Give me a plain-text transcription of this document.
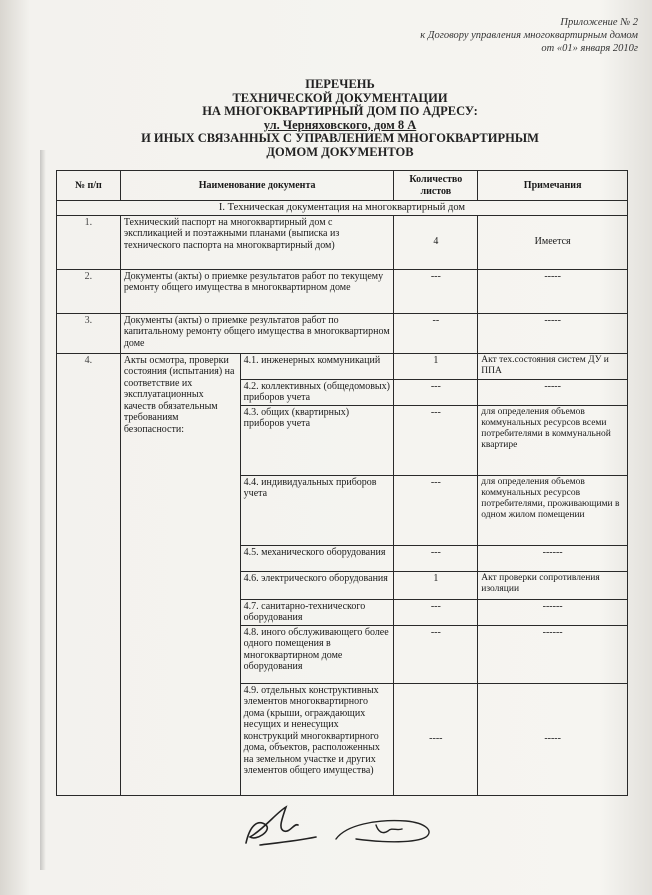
Приложение № 2
к Договору управления многоквартирным домом
от «01» января 2010г
ПЕРЕЧЕНЬ
ТЕХНИЧЕСКОЙ ДОКУМЕНТАЦИИ
НА МНОГОКВАРТИРНЫЙ ДОМ ПО АДРЕСУ:
ул. Черняховского, дом 8 А
И ИНЫХ СВЯЗАННЫХ С УПРАВЛЕНИЕМ МНОГОКВАРТИРНЫМ
ДОМОМ ДОКУМЕНТОВ
№ п/п	Наименование документа		Количество листов	Примечания
I. Техническая документация на многоквартирный дом				
1.	Технический паспорт на многоквартирный дом с экспликацией и поэтажными планами (выписка из технического паспорта на многоквартирный дом)		4	Имеется
2.	Документы (акты) о приемке результатов работ по текущему ремонту общего имущества в многоквартирном доме		---	-----
3.	Документы (акты) о приемке результатов работ по капитальному ремонту общего имущества в многоквартирном доме		--	-----
4.	Акты осмотра, проверки состояния (испытания) на соответствие их эксплуатационных качеств обязательным требованиям безопасности:	4.1. инженерных коммуникаций	1	Акт тех.состояния систем ДУ и ППА
		4.2. коллективных (общедомовых) приборов учета	---	-----
		4.3. общих (квартирных) приборов учета	---	для определения объемов коммунальных ресурсов всеми потребителями в коммунальной квартире
		4.4. индивидуальных приборов учета	---	для определения объемов коммунальных ресурсов потребителями, проживающими в одном жилом помещении
		4.5. механического оборудования	---	------
		4.6. электрического оборудования	1	Акт проверки сопротивления изоляции
		4.7. санитарно-технического оборудования	---	------
		4.8. иного обслуживающего более одного помещения в многоквартирном доме оборудования	---	------
		4.9. отдельных конструктивных элементов многоквартирного дома (крыши, ограждающих несущих и ненесущих конструкций многоквартирного дома, объектов, расположенных на земельном участке и других элементов общего имущества)	----	-----
